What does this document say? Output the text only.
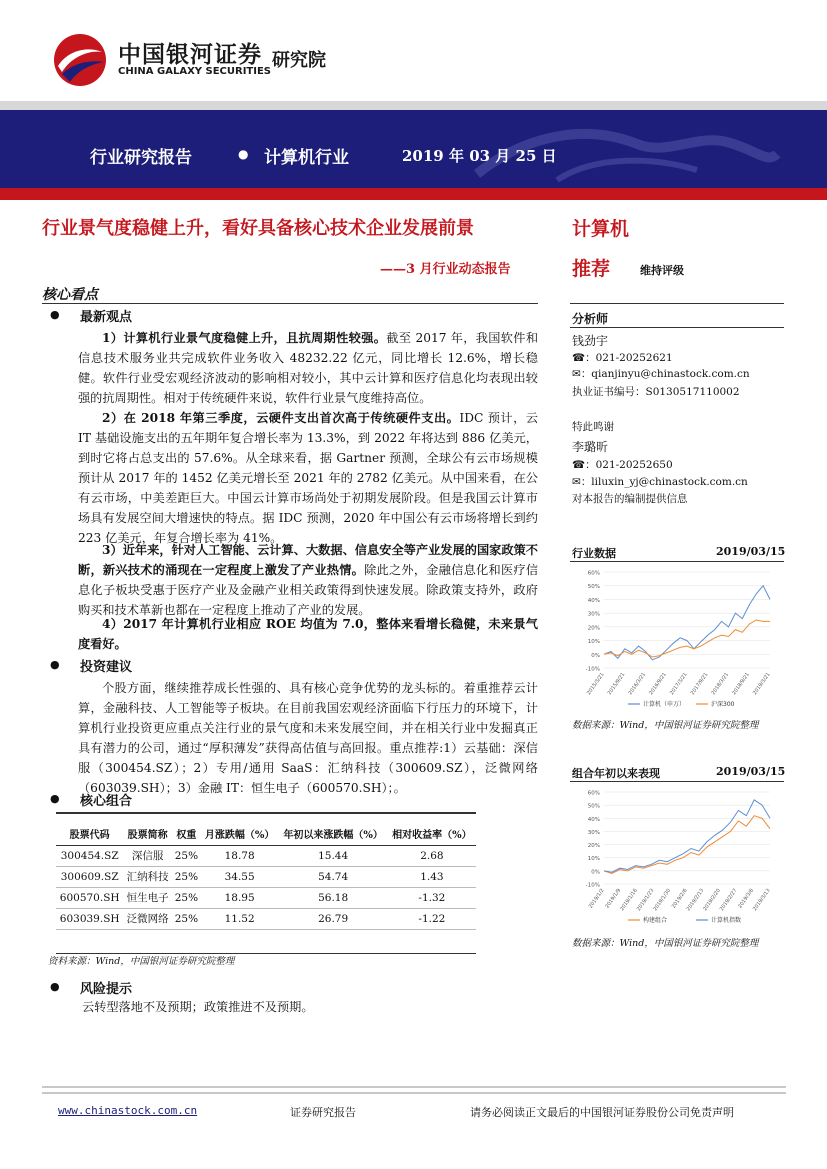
中国银河证券
CHINA GALAXY SECURITIES
研究院
行业研究报告	● 计算机行业	2019 年 03 月 25 日
行业景气度稳健上升，看好具备核心技术企业发展前景
——3 月行业动态报告
计算机
推荐	维持评级
核心看点
● 最新观点
1）计算机行业景气度稳健上升，且抗周期性较强。截至 2017 年，我国软件和信息技术服务业共完成软件业务收入 48232.22 亿元，同比增长 12.6%，增长稳健。软件行业受宏观经济波动的影响相对较小，其中云计算和医疗信息化均表现出较强的抗周期性。相对于传统硬件来说，软件行业景气度维持高位。
2）在 2018 年第三季度，云硬件支出首次高于传统硬件支出。IDC 预计，云 IT 基础设施支出的五年期年复合增长率为 13.3%，到 2022 年将达到 886 亿美元，到时它将占总支出的 57.6%。从全球来看，据 Gartner 预测，全球公有云市场规模预计从 2017 年的 1452 亿美元增长至 2021 年的 2782 亿美元。从中国来看，在公有云市场，中美差距巨大。中国云计算市场尚处于初期发展阶段。但是我国云计算市场具有发展空间大增速快的特点。据 IDC 预测，2020 年中国公有云市场将增长到约 223 亿美元，年复合增长率为 41%。
3）近年来，针对人工智能、云计算、大数据、信息安全等产业发展的国家政策不断，新兴技术的涌现在一定程度上激发了产业热情。除此之外，金融信息化和医疗信息化子板块受惠于医疗产业及金融产业相关政策得到快速发展。除政策支持外，政府购买和技术革新也都在一定程度上推动了产业的发展。
4）2017 年计算机行业相应 ROE 均值为 7.0，整体来看增长稳健，未来景气度看好。
● 投资建议
个股方面，继续推荐成长性强的、具有核心竞争优势的龙头标的。着重推荐云计算，金融科技、人工智能等子板块。在目前我国宏观经济面临下行压力的环境下，计算机行业投资更应重点关注行业的景气度和未来发展空间，并在相关行业中发掘真正具有潜力的公司，通过“厚积薄发”获得高估值与高回报。重点推荐:1）云基础：深信服（300454.SZ）；2）专用/通用 SaaS：汇纳科技（300609.SZ），泛微网络（603039.SH）；3）金融 IT：恒生电子（600570.SH）；。
● 核心组合
股票代码	股票简称	权重	月涨跌幅（%）	年初以来涨跌幅（%）	相对收益率（%）
300454.SZ	深信服	25%	18.78	15.44	2.68
300609.SZ	汇纳科技	25%	34.55	54.74	1.43
600570.SH	恒生电子	25%	18.95	56.18	-1.32
603039.SH	泛微网络	25%	11.52	26.79	-1.22
资料来源：Wind，中国银河证券研究院整理
● 风险提示
云转型落地不及预期；政策推进不及预期。
分析师
钱劲宇
☎：021-20252621
✉：qianjinyu@chinastock.com.cn
执业证书编号：S0130517110002
特此鸣谢
李璐昕
☎：021-20252650
✉：liluxin_yj@chinastock.com.cn
对本报告的编制提供信息
行业数据	2019/03/15
-10%
0%
10%
20%
30%
40%
50%
60%
2015/3/21 2015/9/21 2016/3/21 2016/9/21 2017/3/21 2017/9/21 2018/3/21 2018/9/21 2019/3/21
计算机（申万）	沪深300
数据来源：Wind，中国银河证券研究院整理
组合年初以来表现	2019/03/15
-10%
0%
10%
20%
30%
40%
50%
60%
2019/1/2
2019/1/9
2019/1/16
2019/1/23
2019/1/30
2019/2/6
2019/2/13
2019/2/20
2019/2/27
2019/3/6
2019/3/13
构建组合	计算机指数
数据来源：Wind，中国银河证券研究院整理
www.chinastock.com.cn	证券研究报告	请务必阅读正文最后的中国银河证券股份公司免责声明
